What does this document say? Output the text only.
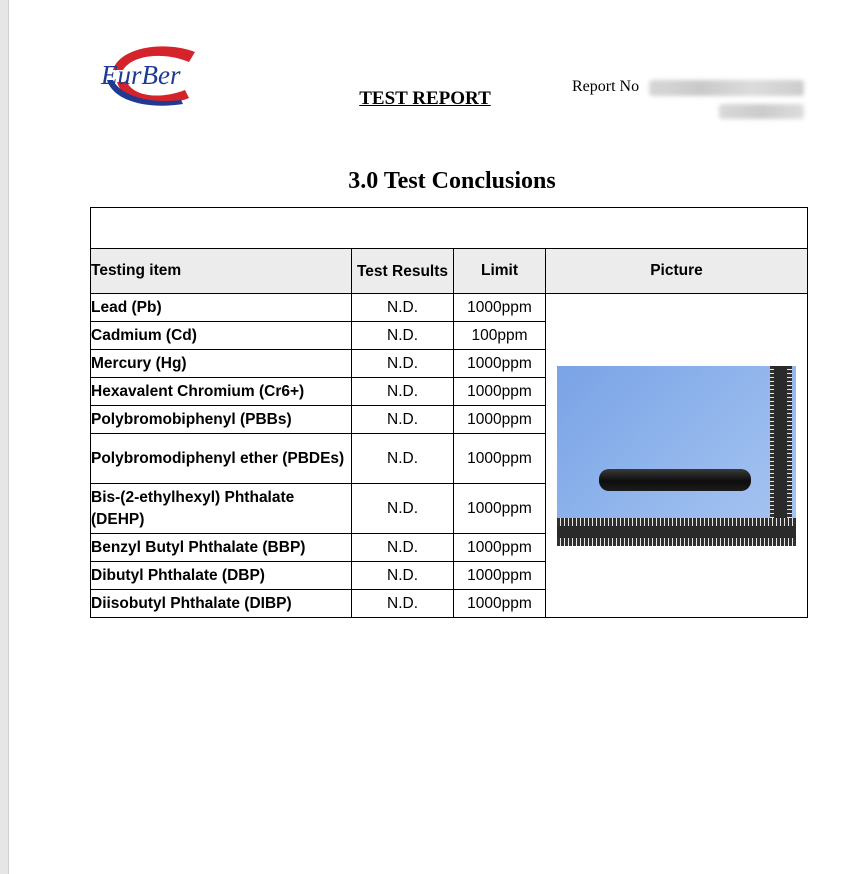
EurBer
TEST REPORT
Report No
3.0 Test Conclusions

Testing item	Test Results	Limit	Picture
Lead (Pb)	N.D.	1000ppm	

Cadmium (Cd)	N.D.	100ppm	
Mercury (Hg)	N.D.	1000ppm	
Hexavalent Chromium (Cr6+)	N.D.	1000ppm	
Polybromobiphenyl (PBBs)	N.D.	1000ppm	
Polybromodiphenyl ether (PBDEs)	N.D.	1000ppm	
Bis-(2-ethylhexyl) Phthalate (DEHP)	N.D.	1000ppm	
Benzyl Butyl Phthalate (BBP)	N.D.	1000ppm	
Dibutyl Phthalate (DBP)	N.D.	1000ppm	
Diisobutyl Phthalate (DIBP)	N.D.	1000ppm	
